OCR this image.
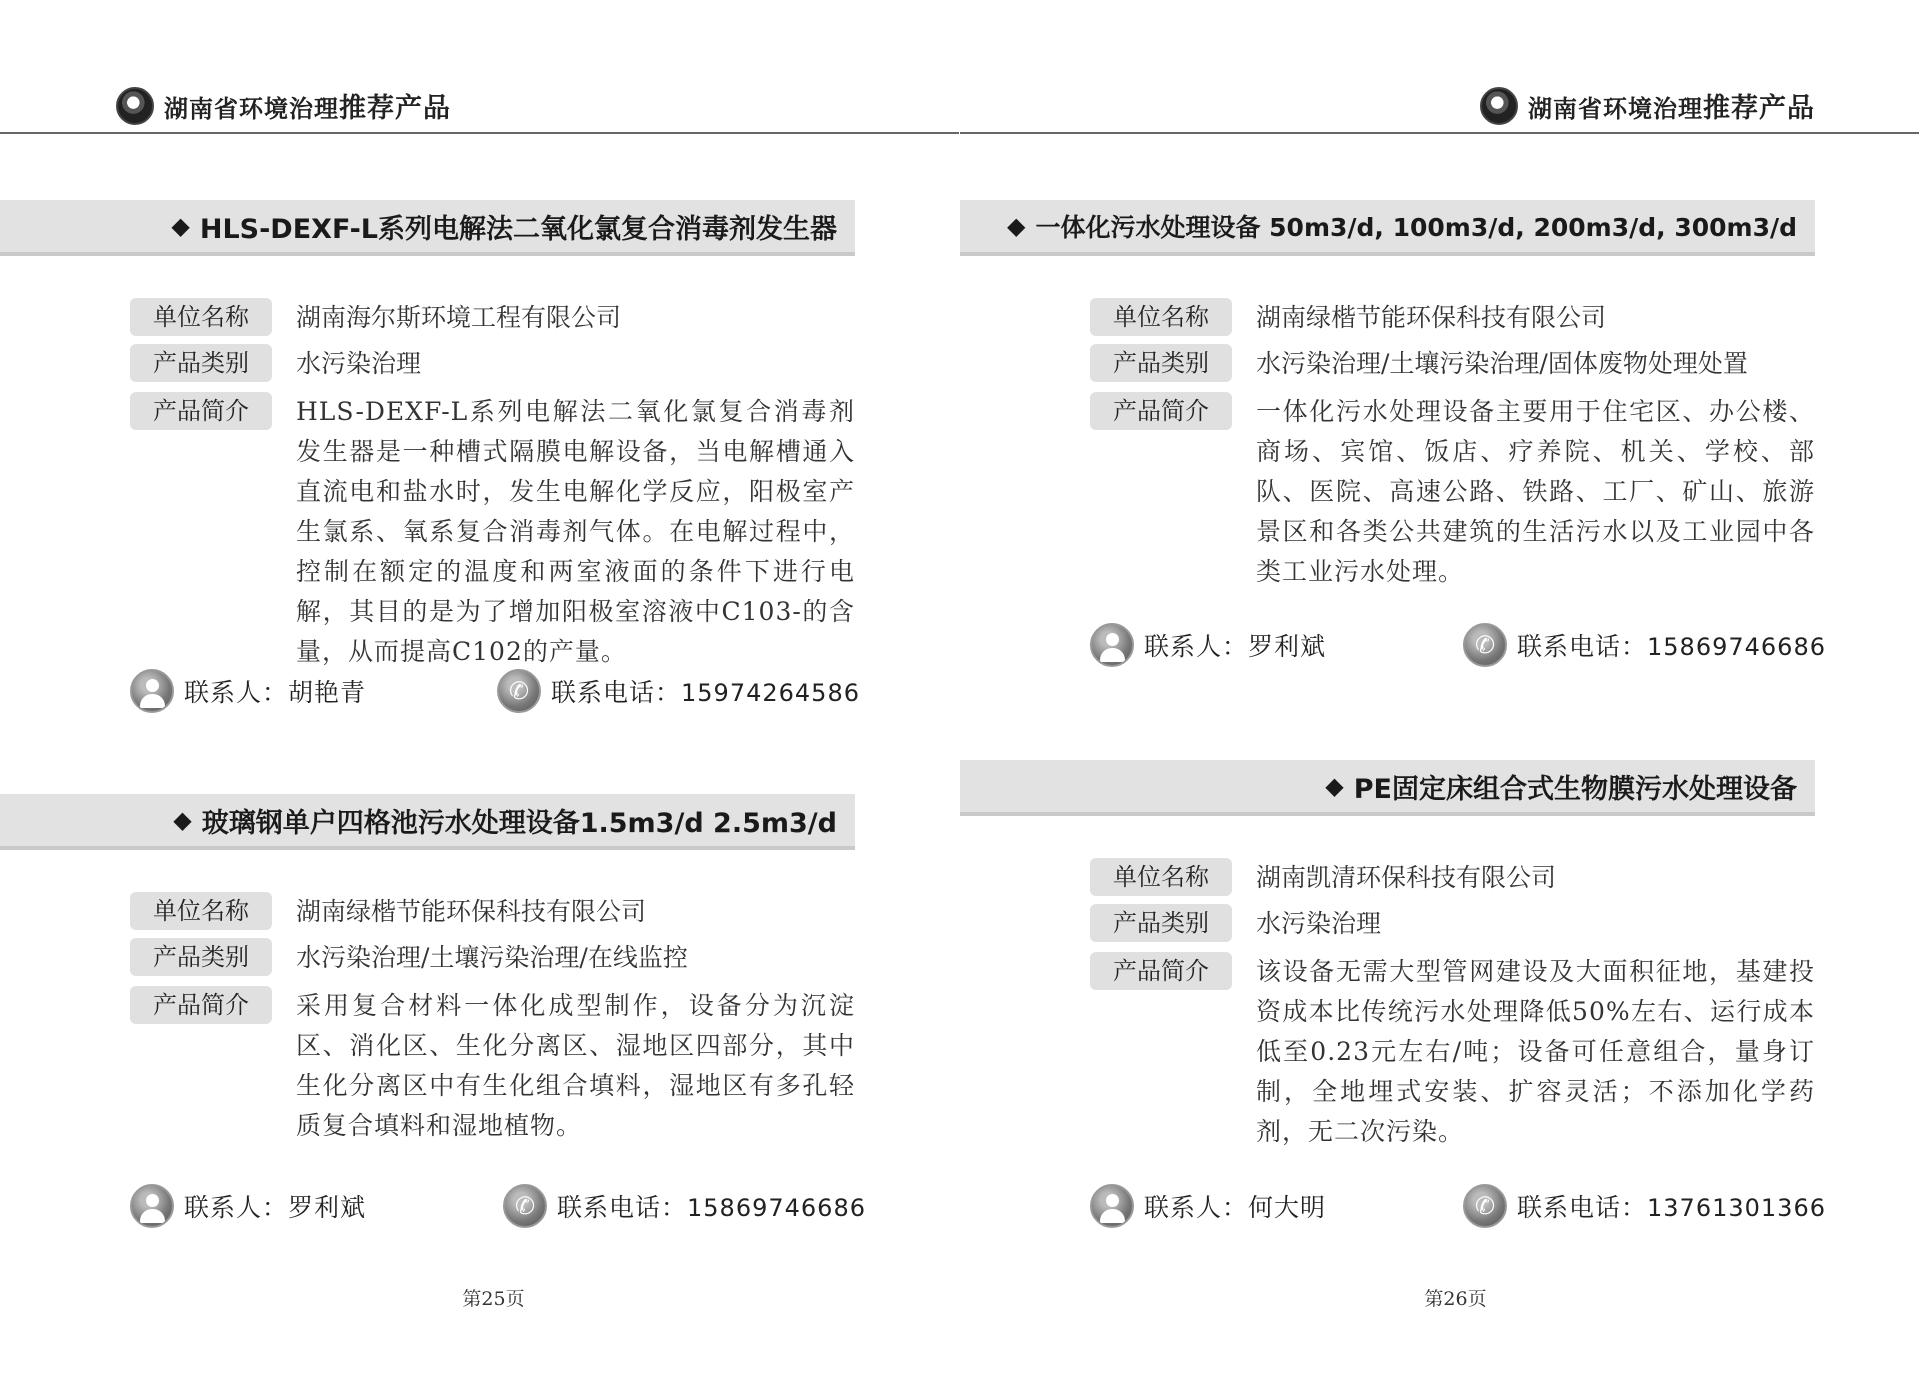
湖南省环境治理推荐产品
◆ HLS-DEXF-L系列电解法二氧化氯复合消毒剂发生器
单位名称	湖南海尔斯环境工程有限公司
产品类别	水污染治理
产品简介	HLS-DEXF-L系列电解法二氧化氯复合消毒剂发生器是一种槽式隔膜电解设备，当电解槽通入直流电和盐水时，发生电解化学反应，阳极室产生氯系、氧系复合消毒剂气体。在电解过程中，控制在额定的温度和两室液面的条件下进行电解，其目的是为了增加阳极室溶液中C103-的含量，从而提高C102的产量。
联系人：胡艳青 ✆	联系电话：15974264586
◆ 玻璃钢单户四格池污水处理设备1.5m3/d 2.5m3/d
单位名称	湖南绿楷节能环保科技有限公司
产品类别	水污染治理/土壤污染治理/在线监控
产品简介	采用复合材料一体化成型制作，设备分为沉淀区、消化区、生化分离区、湿地区四部分，其中生化分离区中有生化组合填料，湿地区有多孔轻质复合填料和湿地植物。
联系人：罗利斌 ✆	联系电话：15869746686
第25页
湖南省环境治理推荐产品
◆ 一体化污水处理设备 50m3/d, 100m3/d, 200m3/d, 300m3/d
单位名称	湖南绿楷节能环保科技有限公司
产品类别	水污染治理/土壤污染治理/固体废物处理处置
产品简介	一体化污水处理设备主要用于住宅区、办公楼、商场、宾馆、饭店、疗养院、机关、学校、部队、医院、高速公路、铁路、工厂、矿山、旅游景区和各类公共建筑的生活污水以及工业园中各类工业污水处理。
联系人：罗利斌 ✆	联系电话：15869746686
◆ PE固定床组合式生物膜污水处理设备
单位名称	湖南凯清环保科技有限公司
产品类别	水污染治理
产品简介	该设备无需大型管网建设及大面积征地，基建投资成本比传统污水处理降低50%左右、运行成本低至0.23元左右/吨；设备可任意组合，量身订制，全地埋式安装、扩容灵活；不添加化学药剂，无二次污染。
联系人：何大明 ✆	联系电话：13761301366
第26页
